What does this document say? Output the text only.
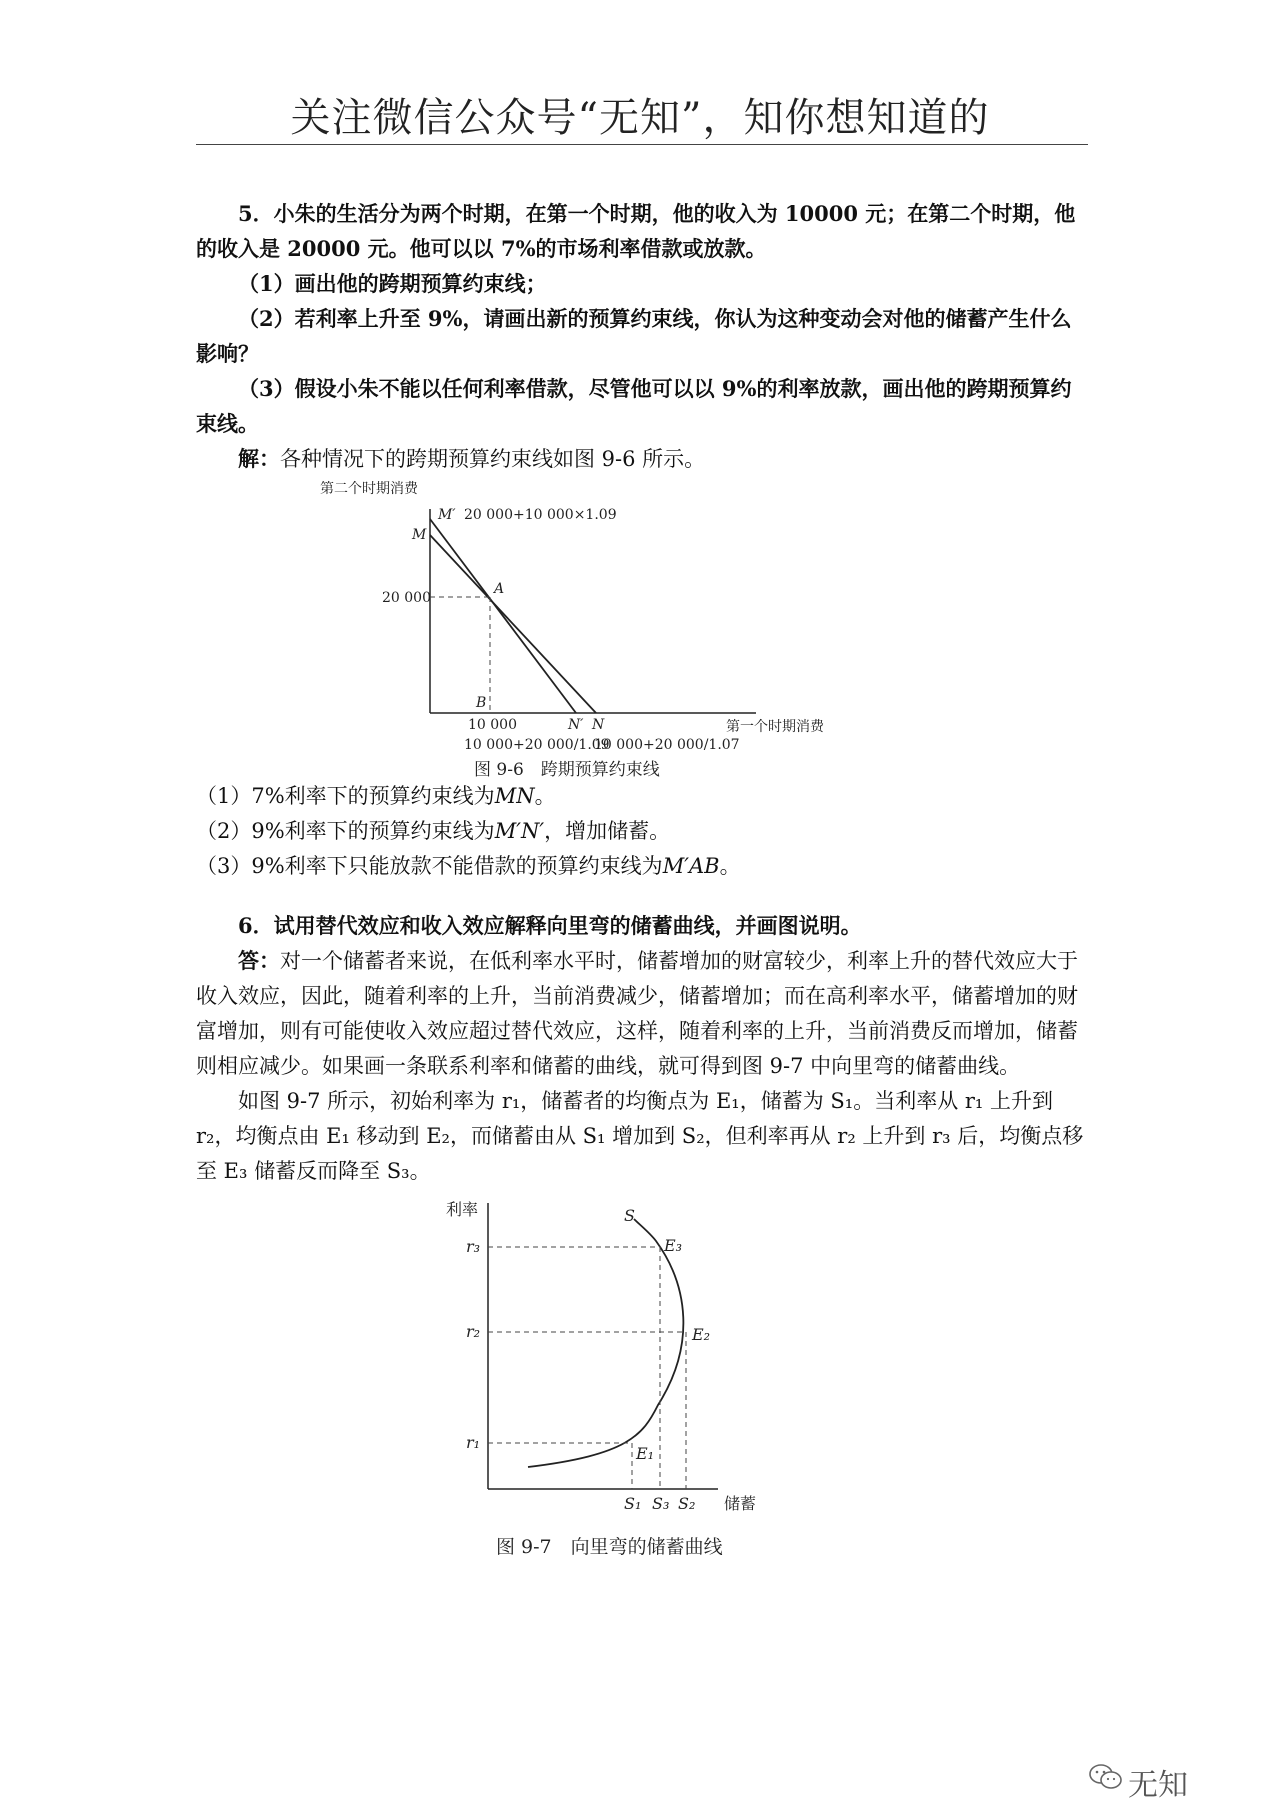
关注微信公众号“无知”，知你想知道的

5．小朱的生活分为两个时期，在第一个时期，他的收入为 10000 元；在第二个时期，他的收入是 20000 元。他可以以 7%的市场利率借款或放款。

（1）画出他的跨期预算约束线；

（2）若利率上升至 9%，请画出新的预算约束线，你认为这种变动会对他的储蓄产生什么影响？

（3）假设小朱不能以任何利率借款，尽管他可以以 9%的利率放款，画出他的跨期预算约束线。

解：各种情况下的跨期预算约束线如图 9-6 所示。

第二个时期消费
M′ 20 000+10 000×1.09
M
20 000
A
B
10 000	N′ N	第一个时期消费
10 000+20 000/1.09
10 000+20 000/1.07
图 9-6　跨期预算约束线

（1）7%利率下的预算约束线为MN。

（2）9%利率下的预算约束线为M′N′，增加储蓄。

（3）9%利率下只能放款不能借款的预算约束线为M′AB。

6．试用替代效应和收入效应解释向里弯的储蓄曲线，并画图说明。

答：对一个储蓄者来说，在低利率水平时，储蓄增加的财富较少，利率上升的替代效应大于收入效应，因此，随着利率的上升，当前消费减少，储蓄增加；而在高利率水平，储蓄增加的财富增加，则有可能使收入效应超过替代效应，这样，随着利率的上升，当前消费反而增加，储蓄则相应减少。如果画一条联系利率和储蓄的曲线，就可得到图 9-7 中向里弯的储蓄曲线。

如图 9-7 所示，初始利率为 r₁，储蓄者的均衡点为 E₁，储蓄为 S₁。当利率从 r₁ 上升到 r₂，均衡点由 E₁ 移动到 E₂，而储蓄由从 S₁ 增加到 S₂，但利率再从 r₂ 上升到 r₃ 后，均衡点移至 E₃ 储蓄反而降至 S₃。

利率	S
r₃
r₂
r₁
E₃
E₂
E₁
S₁ S₃ S₂ 储蓄
图 9-7　向里弯的储蓄曲线
无知
